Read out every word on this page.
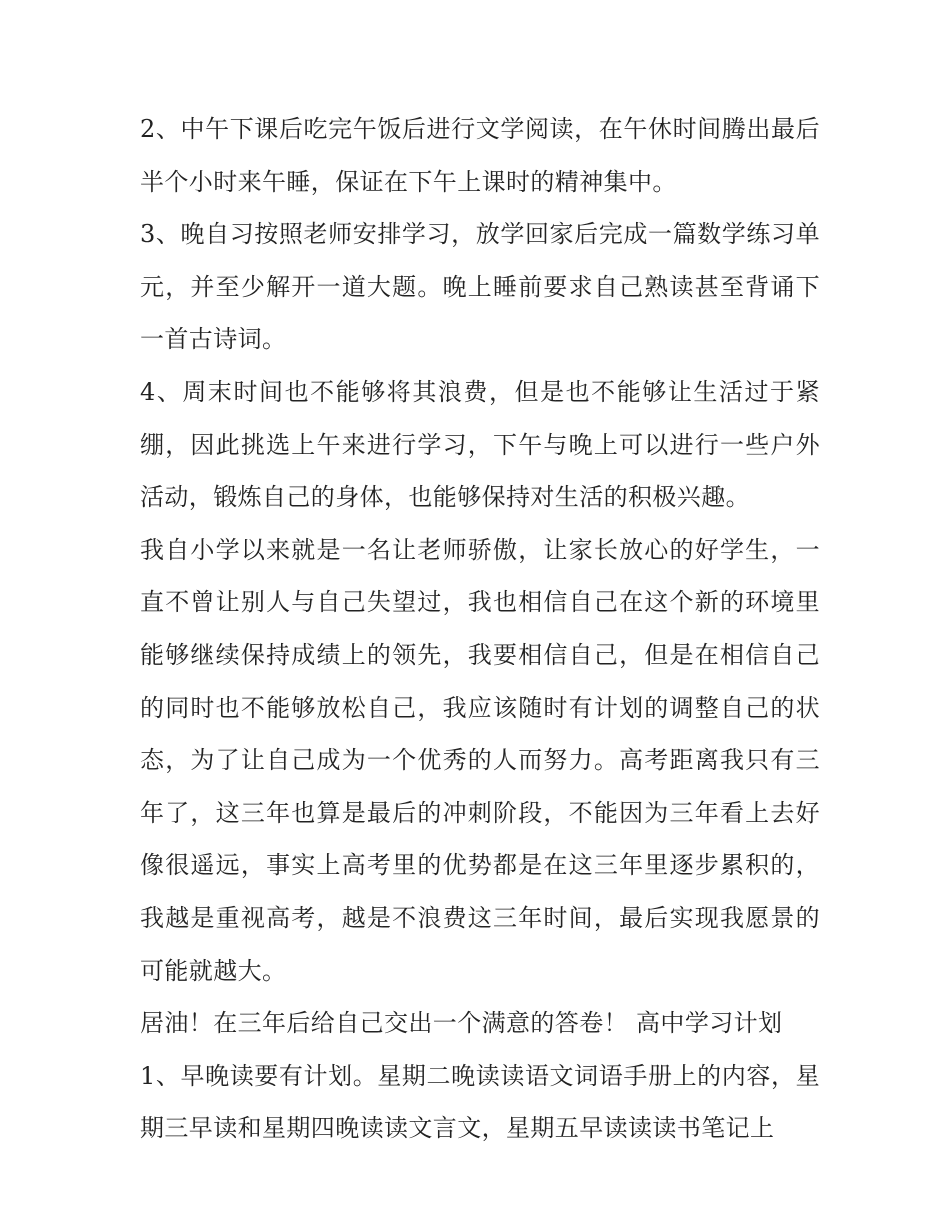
2、中午下课后吃完午饭后进行文学阅读，在午休时间腾出最后半个小时来午睡，保证在下午上课时的精神集中。

3、晚自习按照老师安排学习，放学回家后完成一篇数学练习单元，并至少解开一道大题。晚上睡前要求自己熟读甚至背诵下一首古诗词。

4、周末时间也不能够将其浪费，但是也不能够让生活过于紧绷，因此挑选上午来进行学习，下午与晚上可以进行一些户外活动，锻炼自己的身体，也能够保持对生活的积极兴趣。

我自小学以来就是一名让老师骄傲，让家长放心的好学生，一直不曾让别人与自己失望过，我也相信自己在这个新的环境里能够继续保持成绩上的领先，我要相信自己，但是在相信自己的同时也不能够放松自己，我应该随时有计划的调整自己的状态，为了让自己成为一个优秀的人而努力。高考距离我只有三年了，这三年也算是最后的冲刺阶段，不能因为三年看上去好像很遥远，事实上高考里的优势都是在这三年里逐步累积的，我越是重视高考，越是不浪费这三年时间，最后实现我愿景的可能就越大。

居油！在三年后给自己交出一个满意的答卷！ 高中学习计划

1、早晚读要有计划。星期二晚读读语文词语手册上的内容，星期三早读和星期四晚读读文言文，星期五早读读读书笔记上
